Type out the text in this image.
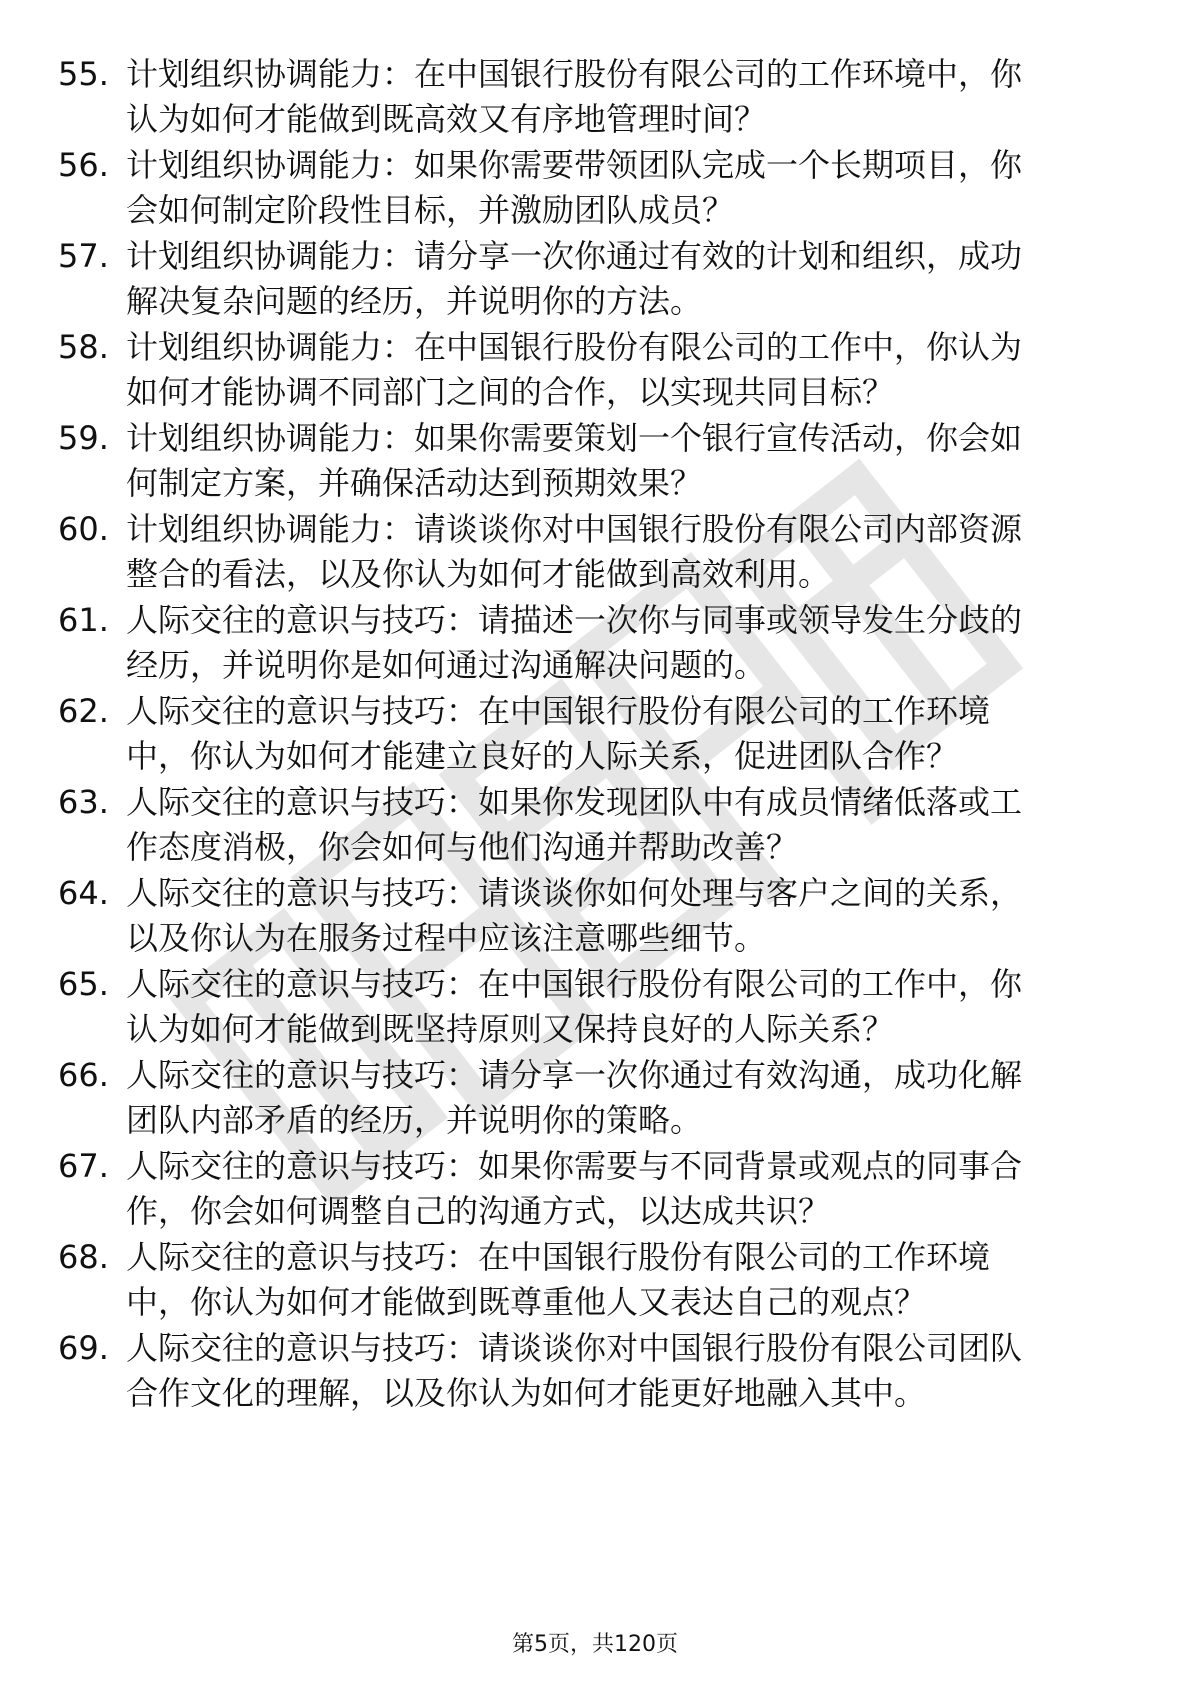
55. 计划组织协调能力：在中国银行股份有限公司的工作环境中，你
认为如何才能做到既高效又有序地管理时间？
56. 计划组织协调能力：如果你需要带领团队完成一个长期项目，你
会如何制定阶段性目标，并激励团队成员？
57. 计划组织协调能力：请分享一次你通过有效的计划和组织，成功
解决复杂问题的经历，并说明你的方法。
58. 计划组织协调能力：在中国银行股份有限公司的工作中，你认为
如何才能协调不同部门之间的合作，以实现共同目标？
59. 计划组织协调能力：如果你需要策划一个银行宣传活动，你会如
何制定方案，并确保活动达到预期效果？
60. 计划组织协调能力：请谈谈你对中国银行股份有限公司内部资源
整合的看法，以及你认为如何才能做到高效利用。
61. 人际交往的意识与技巧：请描述一次你与同事或领导发生分歧的
经历，并说明你是如何通过沟通解决问题的。
62. 人际交往的意识与技巧：在中国银行股份有限公司的工作环境
中，你认为如何才能建立良好的人际关系，促进团队合作？
63. 人际交往的意识与技巧：如果你发现团队中有成员情绪低落或工
作态度消极，你会如何与他们沟通并帮助改善？
64. 人际交往的意识与技巧：请谈谈你如何处理与客户之间的关系，
以及你认为在服务过程中应该注意哪些细节。
65. 人际交往的意识与技巧：在中国银行股份有限公司的工作中，你
认为如何才能做到既坚持原则又保持良好的人际关系？
66. 人际交往的意识与技巧：请分享一次你通过有效沟通，成功化解
团队内部矛盾的经历，并说明你的策略。
67. 人际交往的意识与技巧：如果你需要与不同背景或观点的同事合
作，你会如何调整自己的沟通方式，以达成共识？
68. 人际交往的意识与技巧：在中国银行股份有限公司的工作环境
中，你认为如何才能做到既尊重他人又表达自己的观点？
69. 人际交往的意识与技巧：请谈谈你对中国银行股份有限公司团队
合作文化的理解，以及你认为如何才能更好地融入其中。
第5页，共120页
